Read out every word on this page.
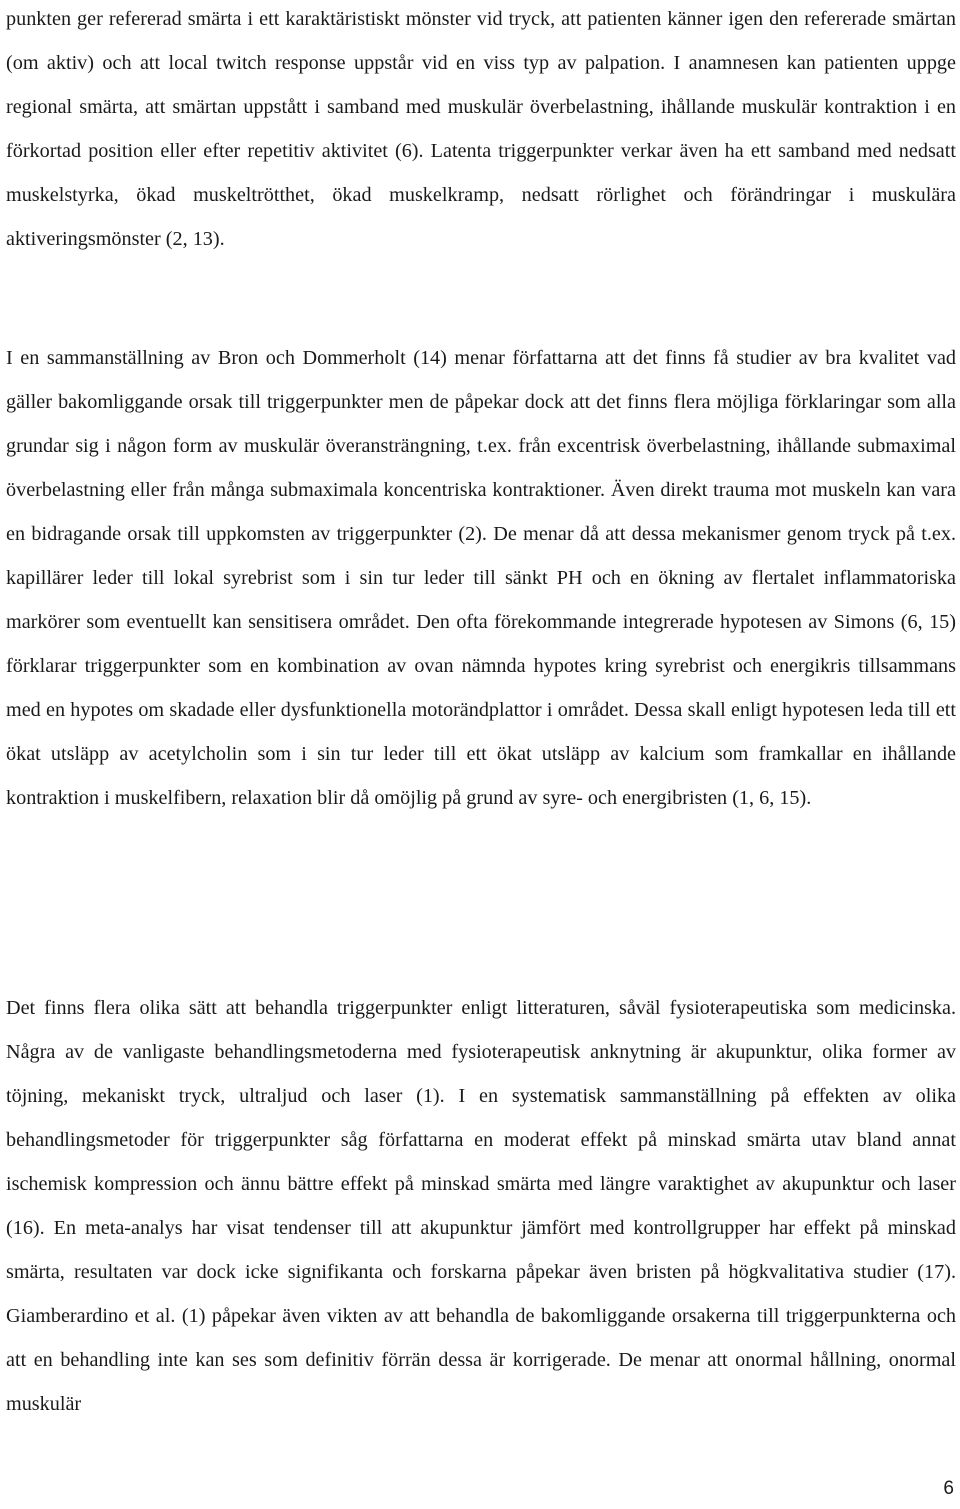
punkten ger refererad smärta i ett karaktäristiskt mönster vid tryck, att patienten känner igen den refererade smärtan (om aktiv) och att local twitch response uppstår vid en viss typ av palpation. I anamnesen kan patienten uppge regional smärta, att smärtan uppstått i samband med muskulär överbelastning, ihållande muskulär kontraktion i en förkortad position eller efter repetitiv aktivitet (6). Latenta triggerpunkter verkar även ha ett samband med nedsatt muskelstyrka, ökad muskeltrötthet, ökad muskelkramp, nedsatt rörlighet och förändringar i muskulära aktiveringsmönster (2, 13).

I en sammanställning av Bron och Dommerholt (14) menar författarna att det finns få studier av bra kvalitet vad gäller bakomliggande orsak till triggerpunkter men de påpekar dock att det finns flera möjliga förklaringar som alla grundar sig i någon form av muskulär överansträngning, t.ex. från excentrisk överbelastning, ihållande submaximal överbelastning eller från många submaximala koncentriska kontraktioner. Även direkt trauma mot muskeln kan vara en bidragande orsak till uppkomsten av triggerpunkter (2). De menar då att dessa mekanismer genom tryck på t.ex. kapillärer leder till lokal syrebrist som i sin tur leder till sänkt PH och en ökning av flertalet inflammatoriska markörer som eventuellt kan sensitisera området. Den ofta förekommande integrerade hypotesen av Simons (6, 15) förklarar triggerpunkter som en kombination av ovan nämnda hypotes kring syrebrist och energikris tillsammans med en hypotes om skadade eller dysfunktionella motorändplattor i området. Dessa skall enligt hypotesen leda till ett ökat utsläpp av acetylcholin som i sin tur leder till ett ökat utsläpp av kalcium som framkallar en ihållande kontraktion i muskelfibern, relaxation blir då omöjlig på grund av syre- och energibristen (1, 6, 15).

Det finns flera olika sätt att behandla triggerpunkter enligt litteraturen, såväl fysioterapeutiska som medicinska. Några av de vanligaste behandlingsmetoderna med fysioterapeutisk anknytning är akupunktur, olika former av töjning, mekaniskt tryck, ultraljud och laser (1). I en systematisk sammanställning på effekten av olika behandlingsmetoder för triggerpunkter såg författarna en moderat effekt på minskad smärta utav bland annat ischemisk kompression och ännu bättre effekt på minskad smärta med längre varaktighet av akupunktur och laser (16). En meta-analys har visat tendenser till att akupunktur jämfört med kontrollgrupper har effekt på minskad smärta, resultaten var dock icke signifikanta och forskarna påpekar även bristen på högkvalitativa studier (17). Giamberardino et al. (1) påpekar även vikten av att behandla de bakomliggande orsakerna till triggerpunkterna och att en behandling inte kan ses som definitiv förrän dessa är korrigerade. De menar att onormal hållning, onormal muskulär

6
